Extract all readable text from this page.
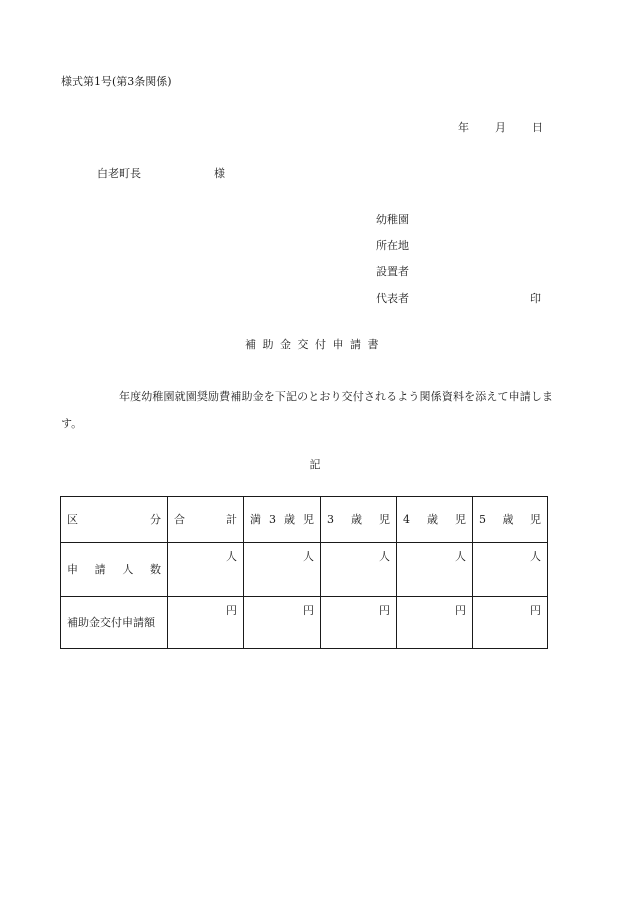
様式第1号(第3条関係)
年 月 日
白老町長	様
幼稚園
所在地
設置者
代表者	印
補助金交付申請書
年度幼稚園就園奨励費補助金を下記のとおり交付されるよう関係資料を添えて申請します。
記
区 分	合 計	満 3 歳 児	3 歳 児	4 歳 児	5 歳 児

申 請 人 数	人	人	人	人	人
補助金交付申請額	円	円	円	円	円
